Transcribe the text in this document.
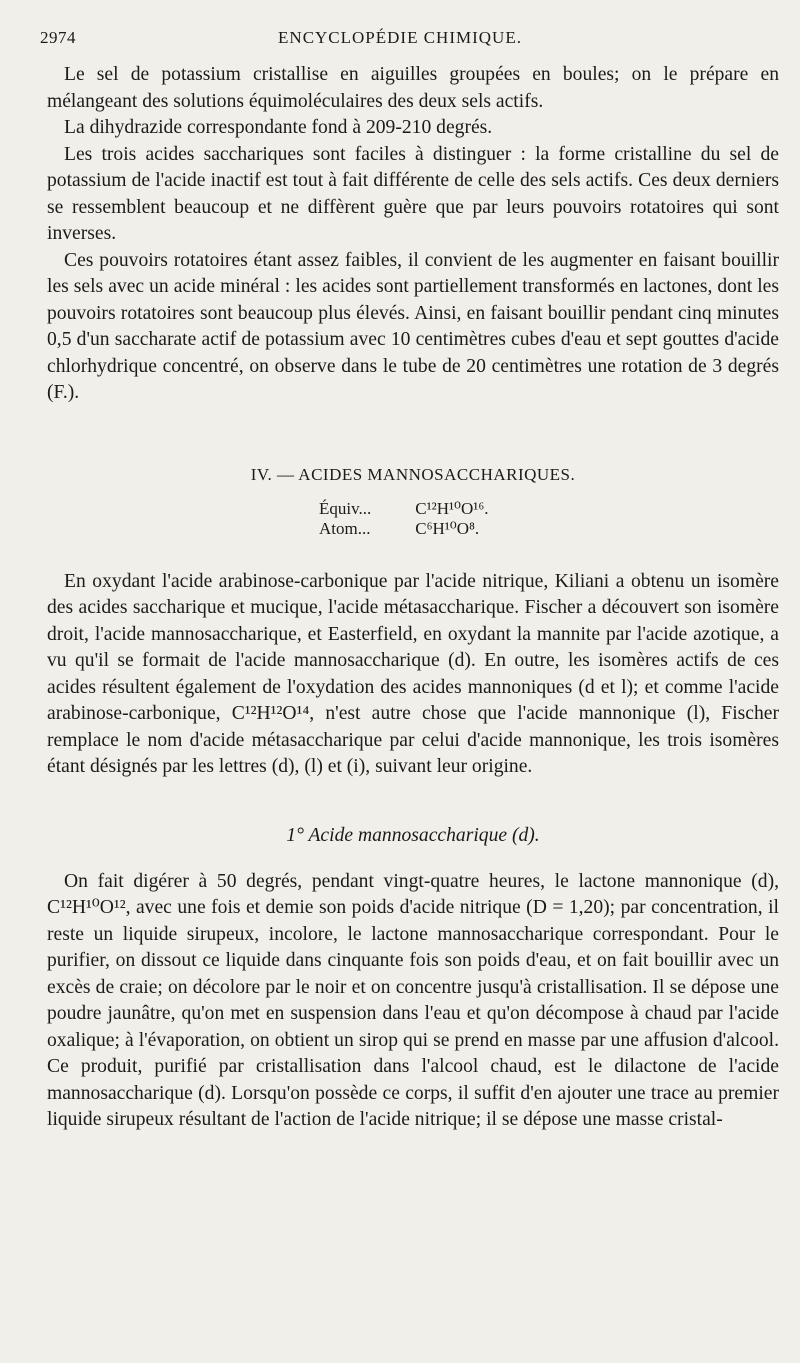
2974	ENCYCLOPÉDIE CHIMIQUE.

Le sel de potassium cristallise en aiguilles groupées en boules; on le prépare en mélangeant des solutions équimoléculaires des deux sels actifs.

La dihydrazide correspondante fond à 209-210 degrés.

Les trois acides sacchariques sont faciles à distinguer : la forme cristalline du sel de potassium de l'acide inactif est tout à fait différente de celle des sels actifs. Ces deux derniers se ressemblent beaucoup et ne diffèrent guère que par leurs pouvoirs rotatoires qui sont inverses.

Ces pouvoirs rotatoires étant assez faibles, il convient de les augmenter en faisant bouillir les sels avec un acide minéral : les acides sont partiellement transformés en lactones, dont les pouvoirs rotatoires sont beaucoup plus élevés. Ainsi, en faisant bouillir pendant cinq minutes 0,5 d'un saccharate actif de potassium avec 10 centimètres cubes d'eau et sept gouttes d'acide chlorhydrique concentré, on observe dans le tube de 20 centimètres une rotation de 3 degrés (F.).

IV. — ACIDES MANNOSACCHARIQUES.
Équiv...	C¹²H¹⁰O¹⁶.
Atom...	C⁶H¹⁰O⁸.

En oxydant l'acide arabinose-carbonique par l'acide nitrique, Kiliani a obtenu un isomère des acides saccharique et mucique, l'acide métasaccharique. Fischer a découvert son isomère droit, l'acide mannosaccharique, et Easterfield, en oxydant la mannite par l'acide azotique, a vu qu'il se formait de l'acide mannosaccharique (d). En outre, les isomères actifs de ces acides résultent également de l'oxydation des acides mannoniques (d et l); et comme l'acide arabinose-carbonique, C¹²H¹²O¹⁴, n'est autre chose que l'acide mannonique (l), Fischer remplace le nom d'acide métasaccharique par celui d'acide mannonique, les trois isomères étant désignés par les lettres (d), (l) et (i), suivant leur origine.

1° Acide mannosaccharique (d).

On fait digérer à 50 degrés, pendant vingt-quatre heures, le lactone mannonique (d), C¹²H¹⁰O¹², avec une fois et demie son poids d'acide nitrique (D = 1,20); par concentration, il reste un liquide sirupeux, incolore, le lactone mannosaccharique correspondant. Pour le purifier, on dissout ce liquide dans cinquante fois son poids d'eau, et on fait bouillir avec un excès de craie; on décolore par le noir et on concentre jusqu'à cristallisation. Il se dépose une poudre jaunâtre, qu'on met en suspension dans l'eau et qu'on décompose à chaud par l'acide oxalique; à l'évaporation, on obtient un sirop qui se prend en masse par une affusion d'alcool. Ce produit, purifié par cristallisation dans l'alcool chaud, est le dilactone de l'acide mannosaccharique (d). Lorsqu'on possède ce corps, il suffit d'en ajouter une trace au premier liquide sirupeux résultant de l'action de l'acide nitrique; il se dépose une masse cristal-
